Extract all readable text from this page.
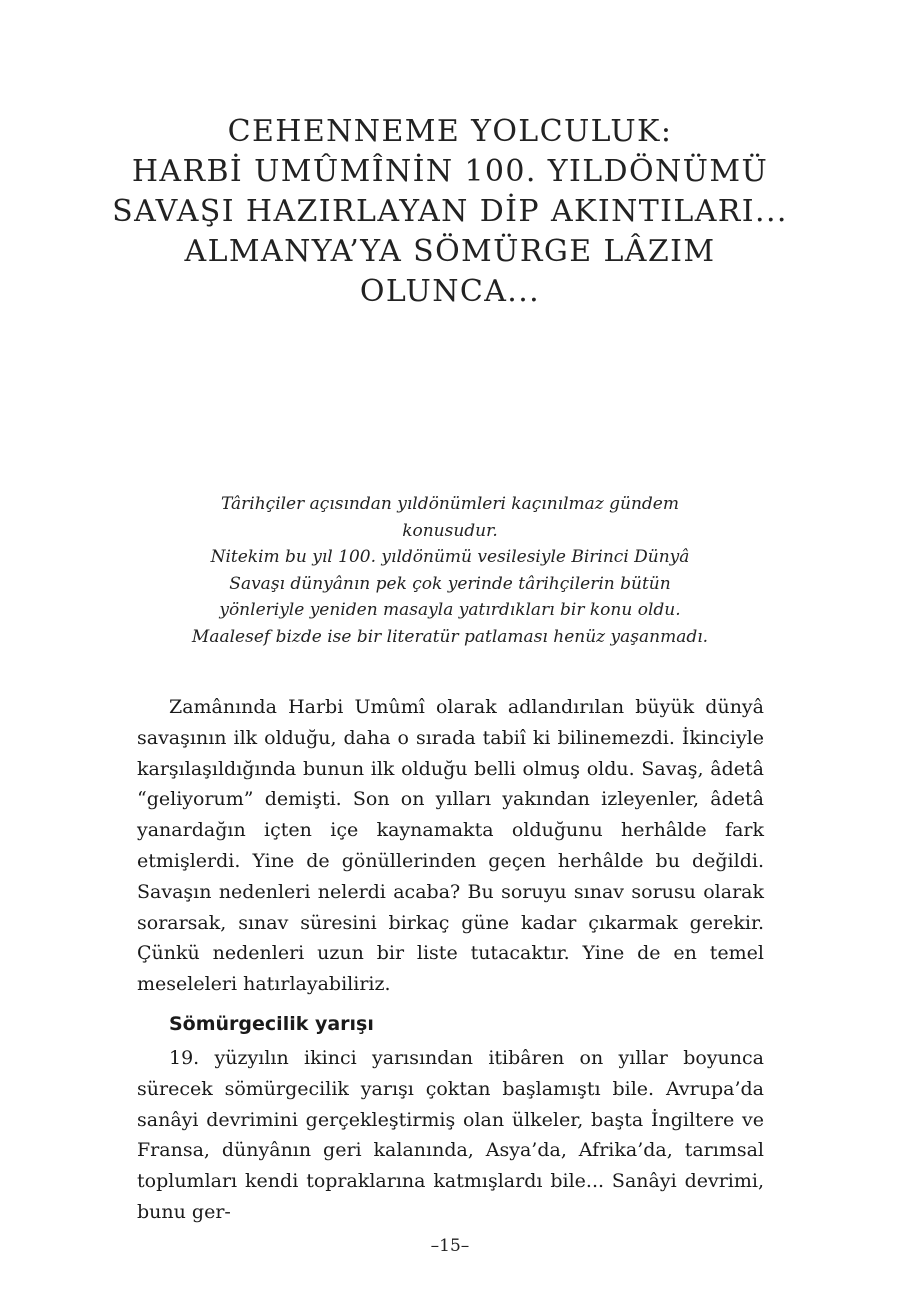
CEHENNEME YOLCULUK:
HARBİ UMÛMÎNİN 100. YILDÖNÜMÜ
SAVAŞI HAZIRLAYAN DİP AKINTILARI...
ALMANYA’YA SÖMÜRGE LÂZIM
OLUNCA...
Târihçiler açısından yıldönümleri kaçınılmaz gündem
konusudur.
Nitekim bu yıl 100. yıldönümü vesilesiyle Birinci Dünyâ
Savaşı dünyânın pek çok yerinde târihçilerin bütün
yönleriyle yeniden masayla yatırdıkları bir konu oldu.
Maalesef bizde ise bir literatür patlaması henüz yaşanmadı.

Zamânında Harbi Umûmî olarak adlandırılan büyük dünyâ savaşının ilk olduğu, daha o sırada tabiî ki bilinemezdi. İkinciyle karşılaşıldığında bunun ilk olduğu belli olmuş oldu. Savaş, âdetâ “geliyorum” demişti. Son on yılları yakından izleyenler, âdetâ yanardağın içten içe kaynamakta olduğunu herhâlde fark etmişlerdi. Yine de gönüllerinden geçen herhâlde bu değildi. Savaşın nedenleri nelerdi acaba? Bu soruyu sınav sorusu olarak sorarsak, sınav süresini birkaç güne kadar çıkarmak gerekir. Çünkü nedenleri uzun bir liste tutacaktır. Yine de en temel meseleleri hatırlayabiliriz.

Sömürgecilik yarışı

19. yüzyılın ikinci yarısından itibâren on yıllar boyunca sürecek sömürgecilik yarışı çoktan başlamıştı bile. Avrupa’da sanâyi devrimini gerçekleştirmiş olan ülkeler, başta İngiltere ve Fransa, dünyânın geri kalanında, Asya’da, Afrika’da, tarımsal toplumları kendi topraklarına katmışlardı bile... Sanâyi devrimi, bunu ger-

–15–
